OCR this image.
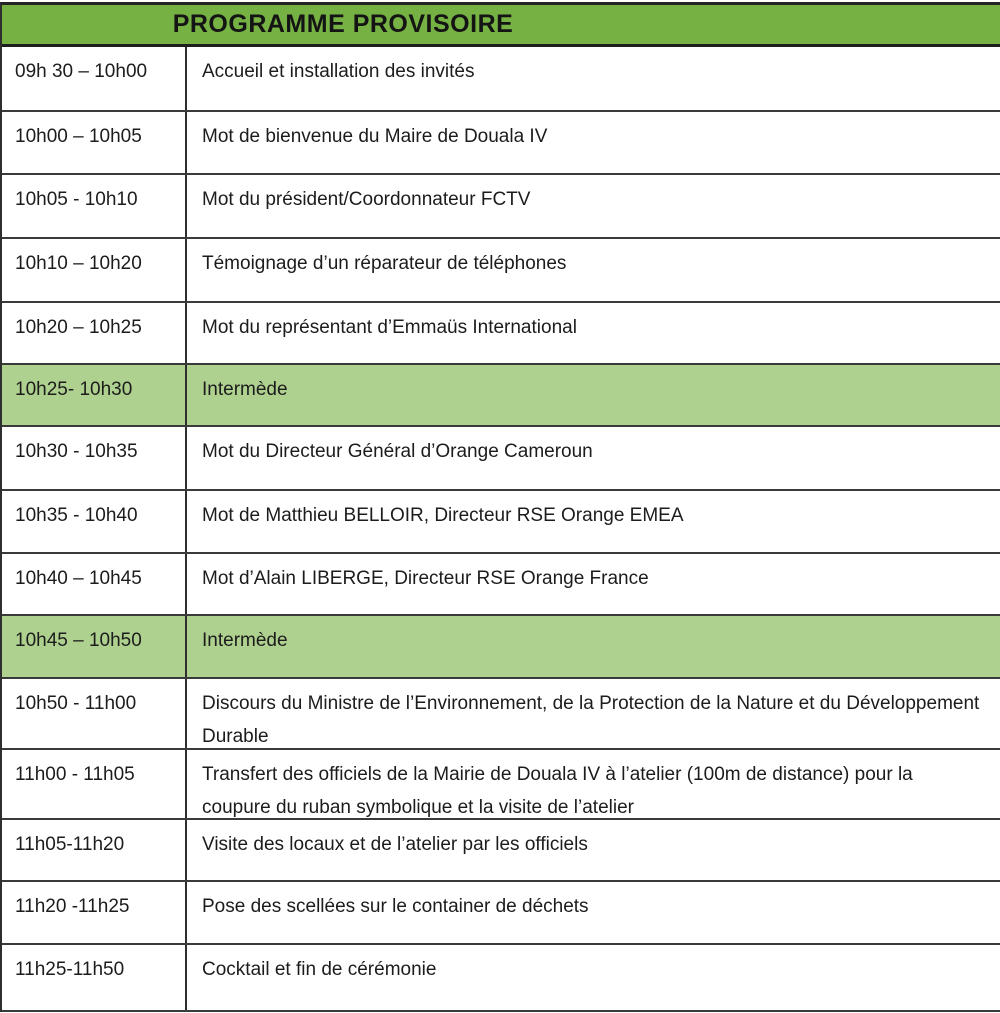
PROGRAMME PROVISOIRE
09h 30 – 10h00	Accueil et installation des invités
10h00 – 10h05	Mot de bienvenue du Maire de Douala IV
10h05 - 10h10	Mot du président/Coordonnateur FCTV
10h10 – 10h20	Témoignage d’un réparateur de téléphones
10h20 – 10h25	Mot du représentant d’Emmaüs International
10h25- 10h30	Intermède
10h30 - 10h35	Mot du Directeur Général d’Orange Cameroun
10h35 - 10h40	Mot de Matthieu BELLOIR, Directeur RSE Orange EMEA
10h40 – 10h45	Mot d’Alain LIBERGE, Directeur RSE Orange France
10h45 – 10h50	Intermède
10h50 - 11h00	Discours du Ministre de l’Environnement, de la Protection de la Nature et du Développement Durable
11h00 - 11h05	Transfert des officiels de la Mairie de Douala IV à l’atelier (100m de distance) pour la coupure du ruban symbolique et la visite de l’atelier
11h05-11h20	Visite des locaux et de l’atelier par les officiels
11h20 -11h25	Pose des scellées sur le container de déchets
11h25-11h50	Cocktail et fin de cérémonie
